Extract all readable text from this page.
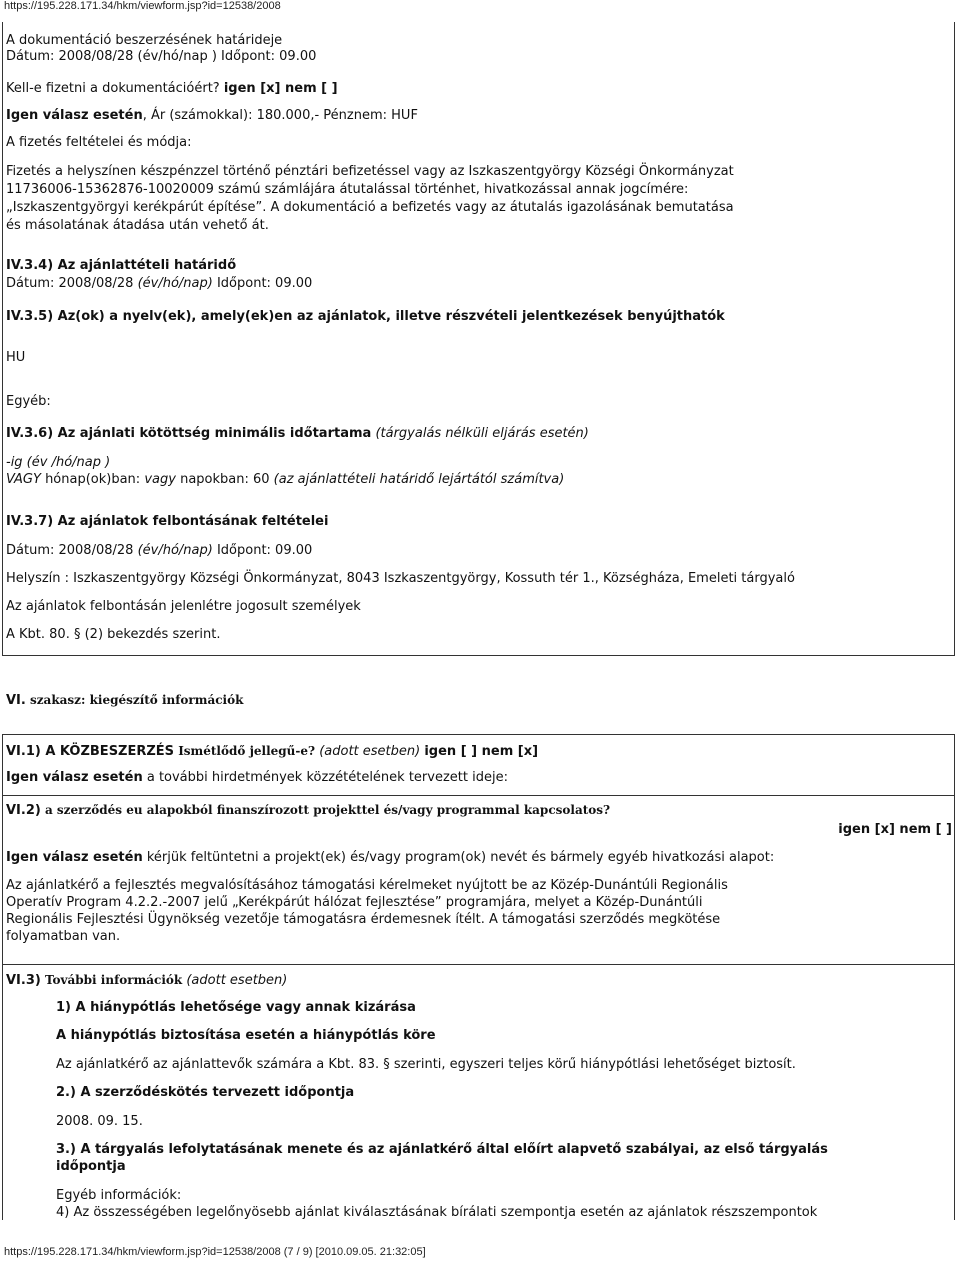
https://195.228.171.34/hkm/viewform.jsp?id=12538/2008
A dokumentáció beszerzésének határideje
Dátum: 2008/08/28 (év/hó/nap ) Időpont: 09.00
Kell-e fizetni a dokumentációért? igen [x] nem [ ]
Igen válasz esetén, Ár (számokkal): 180.000,- Pénznem: HUF
A fizetés feltételei és módja:
Fizetés a helyszínen készpénzzel történő pénztári befizetéssel vagy az Iszkaszentgyörgy Községi Önkormányzat
11736006-15362876-10020009 számú számlájára átutalással történhet, hivatkozással annak jogcímére:
„Iszkaszentgyörgyi kerékpárút építése”. A dokumentáció a befizetés vagy az átutalás igazolásának bemutatása
és másolatának átadása után vehető át.
IV.3.4) Az ajánlattételi határidő
Dátum: 2008/08/28 (év/hó/nap) Időpont: 09.00
IV.3.5) Az(ok) a nyelv(ek), amely(ek)en az ajánlatok, illetve részvételi jelentkezések benyújthatók
HU
Egyéb:
IV.3.6) Az ajánlati kötöttség minimális időtartama (tárgyalás nélküli eljárás esetén)
-ig (év /hó/nap )
VAGY hónap(ok)ban: vagy napokban: 60 (az ajánlattételi határidő lejártától számítva)
IV.3.7) Az ajánlatok felbontásának feltételei
Dátum: 2008/08/28 (év/hó/nap) Időpont: 09.00
Helyszín : Iszkaszentgyörgy Községi Önkormányzat, 8043 Iszkaszentgyörgy, Kossuth tér 1., Községháza, Emeleti tárgyaló
Az ajánlatok felbontásán jelenlétre jogosult személyek
A Kbt. 80. § (2) bekezdés szerint.
VI. szakasz: kiegészítő információk
VI.1) A KÖZBESZERZÉS Ismétlődő jellegű-e? (adott esetben) igen [ ] nem [x]
Igen válasz esetén a további hirdetmények közzétételének tervezett ideje:
VI.2) a szerződés eu alapokból finanszírozott projekttel és/vagy programmal kapcsolatos?
igen [x] nem [ ]
Igen válasz esetén kérjük feltüntetni a projekt(ek) és/vagy program(ok) nevét és bármely egyéb hivatkozási alapot:
Az ajánlatkérő a fejlesztés megvalósításához támogatási kérelmeket nyújtott be az Közép-Dunántúli Regionális
Operatív Program 4.2.2.-2007 jelű „Kerékpárút hálózat fejlesztése” programjára, melyet a Közép-Dunántúli
Regionális Fejlesztési Ügynökség vezetője támogatásra érdemesnek ítélt. A támogatási szerződés megkötése
folyamatban van.
VI.3) További információk (adott esetben)
1) A hiánypótlás lehetősége vagy annak kizárása
A hiánypótlás biztosítása esetén a hiánypótlás köre
Az ajánlatkérő az ajánlattevők számára a Kbt. 83. § szerinti, egyszeri teljes körű hiánypótlási lehetőséget biztosít.
2.) A szerződéskötés tervezett időpontja
2008. 09. 15.
3.) A tárgyalás lefolytatásának menete és az ajánlatkérő által előírt alapvető szabályai, az első tárgyalás
időpontja
Egyéb információk:
4) Az összességében legelőnyösebb ajánlat kiválasztásának bírálati szempontja esetén az ajánlatok részszempontok
https://195.228.171.34/hkm/viewform.jsp?id=12538/2008 (7 / 9) [2010.09.05. 21:32:05]
